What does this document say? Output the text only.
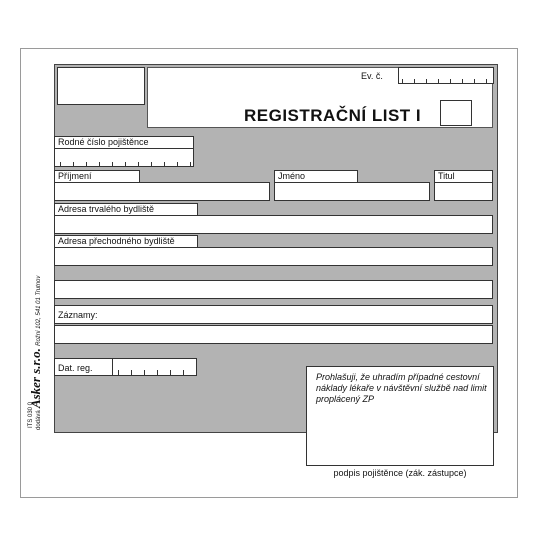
dodává Asker s.r.o. Rožni 102, 541 01 Trutnov
ITS 030 0
Ev. č.
REGISTRAČNÍ LIST I
Rodné číslo pojištěnce
Příjmení	Jméno	Titul
Adresa trvalého bydliště
Adresa přechodného bydliště
Záznamy:
Dat. reg.
Prohlašuji, že uhradím případné cestovní náklady lékaře v návštěvní službě nad limit proplácený ZP
podpis pojištěnce (zák. zástupce)
